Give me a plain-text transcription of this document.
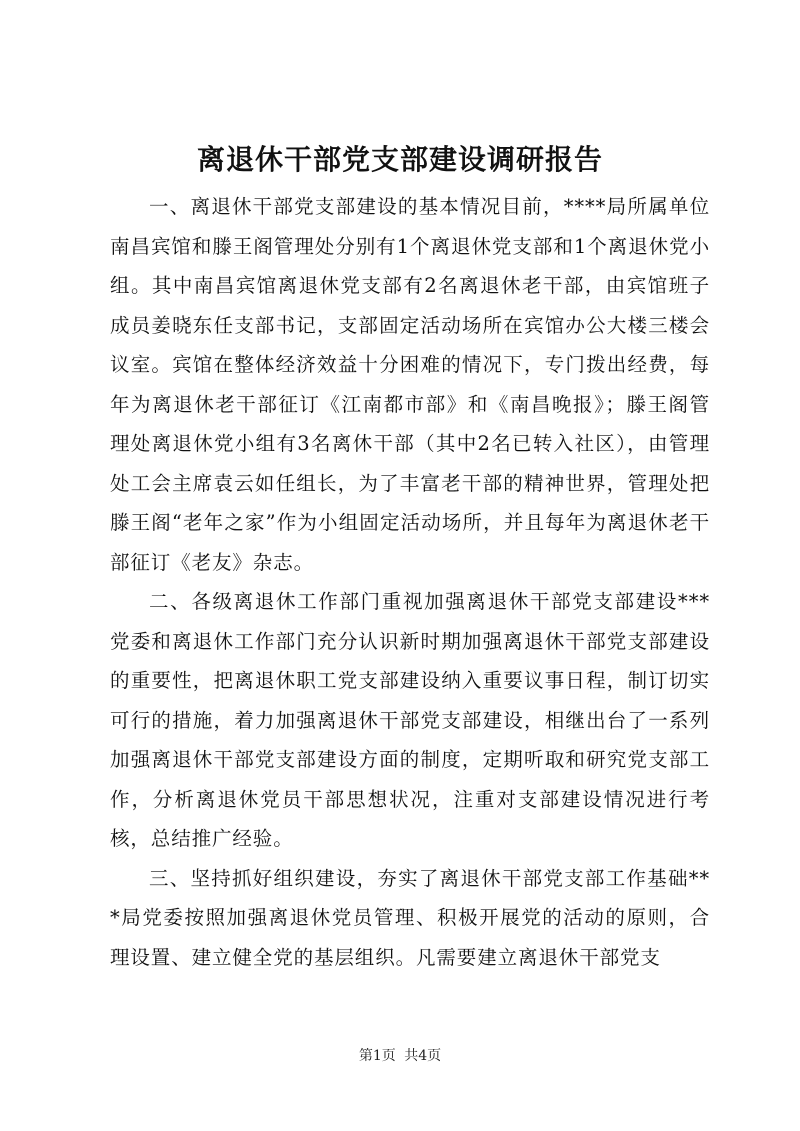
离退休干部党支部建设调研报告

一、离退休干部党支部建设的基本情况目前，****局所属单位南昌宾馆和滕王阁管理处分别有1个离退休党支部和1个离退休党小组。其中南昌宾馆离退休党支部有2名离退休老干部，由宾馆班子成员姜晓东任支部书记，支部固定活动场所在宾馆办公大楼三楼会议室。宾馆在整体经济效益十分困难的情况下，专门拨出经费，每年为离退休老干部征订《江南都市部》和《南昌晚报》；滕王阁管理处离退休党小组有3名离休干部（其中2名已转入社区），由管理处工会主席袁云如任组长，为了丰富老干部的精神世界，管理处把滕王阁“老年之家”作为小组固定活动场所，并且每年为离退休老干部征订《老友》杂志。

二、各级离退休工作部门重视加强离退休干部党支部建设***党委和离退休工作部门充分认识新时期加强离退休干部党支部建设的重要性，把离退休职工党支部建设纳入重要议事日程，制订切实可行的措施，着力加强离退休干部党支部建设，相继出台了一系列加强离退休干部党支部建设方面的制度，定期听取和研究党支部工作，分析离退休党员干部思想状况，注重对支部建设情况进行考核，总结推广经验。

三、坚持抓好组织建设，夯实了离退休干部党支部工作基础***局党委按照加强离退休党员管理、积极开展党的活动的原则，合理设置、建立健全党的基层组织。凡需要建立离退休干部党支

第1页 共4页
